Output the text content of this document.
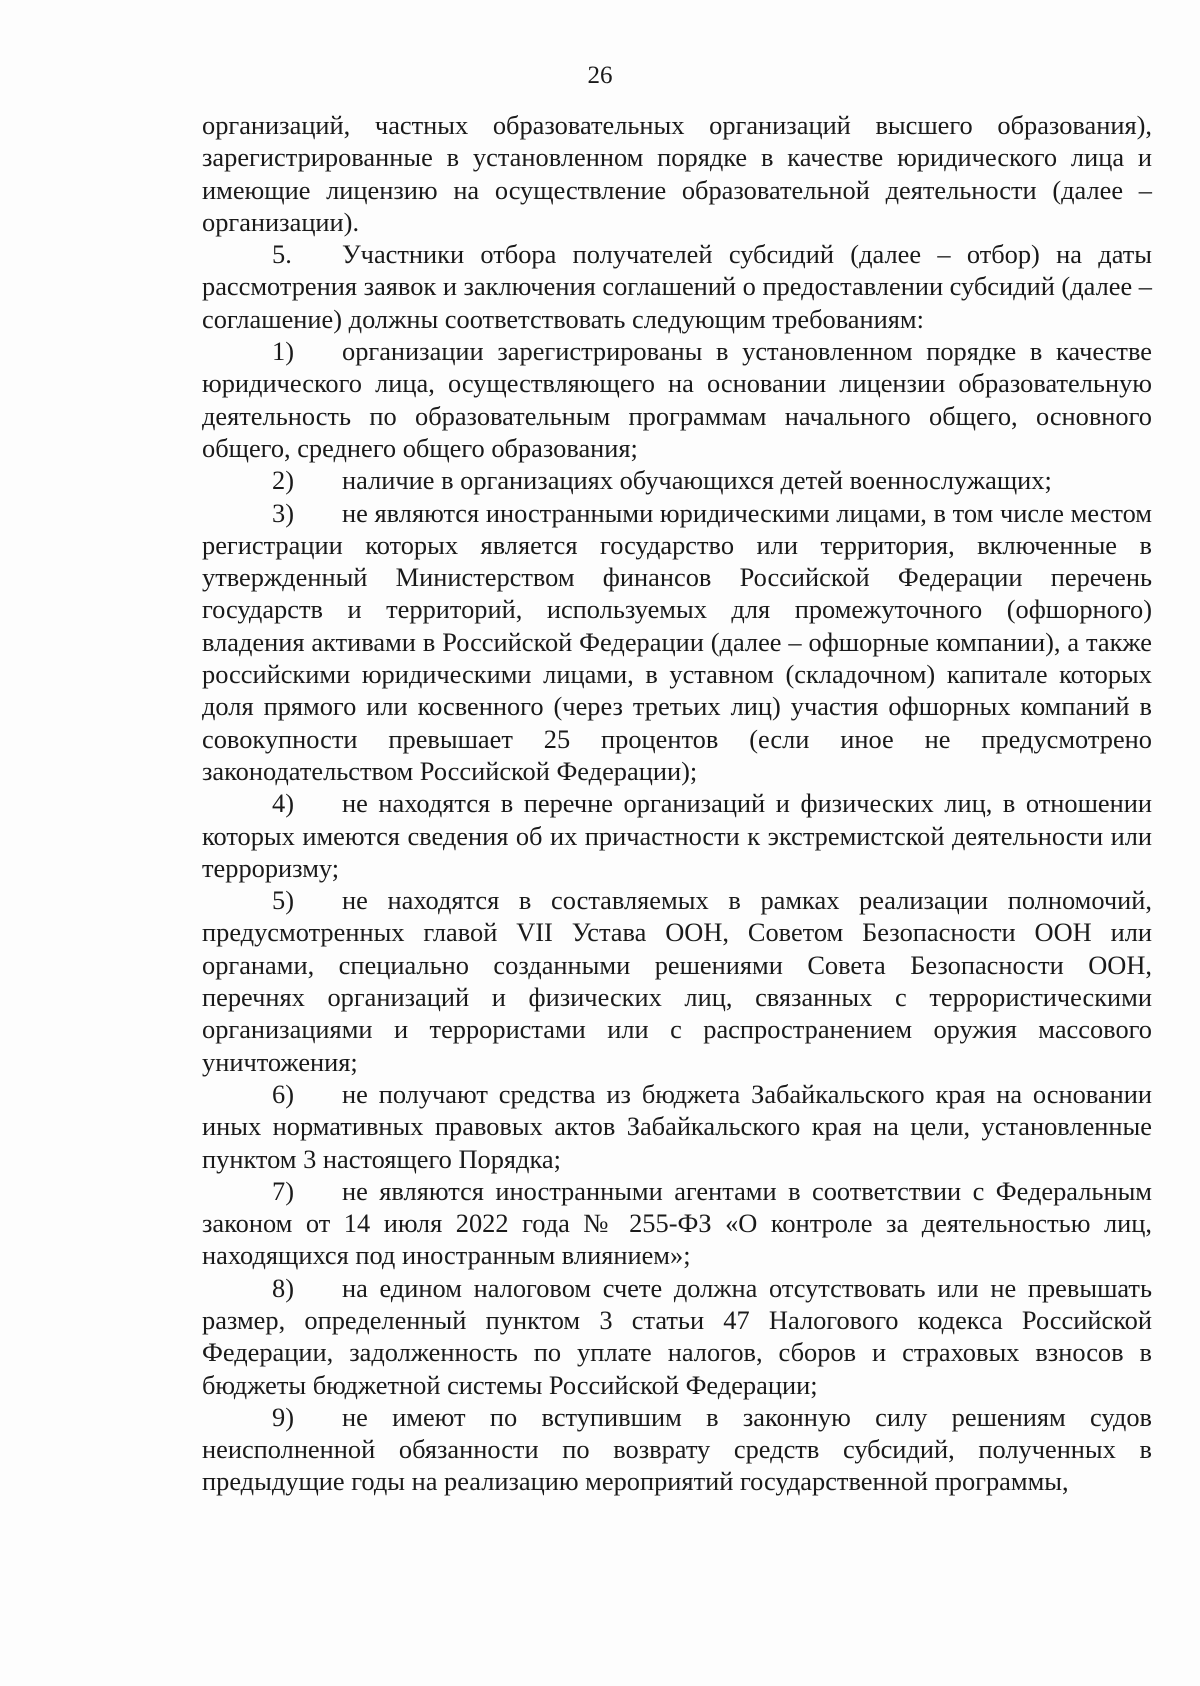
26

организаций, частных образовательных организаций высшего образования), зарегистрированные в установленном порядке в качестве юридического лица и имеющие лицензию на осуществление образовательной деятельности (далее – организации).

5. Участники отбора получателей субсидий (далее – отбор) на даты рассмотрения заявок и заключения соглашений о предоставлении субсидий (далее – соглашение) должны соответствовать следующим требованиям:

1) организации зарегистрированы в установленном порядке в качестве юридического лица, осуществляющего на основании лицензии образовательную деятельность по образовательным программам начального общего, основного общего, среднего общего образования;

2) наличие в организациях обучающихся детей военнослужащих;

3) не являются иностранными юридическими лицами, в том числе местом регистрации которых является государство или территория, включенные в утвержденный Министерством финансов Российской Федерации перечень государств и территорий, используемых для промежуточного (офшорного) владения активами в Российской Федерации (далее – офшорные компании), а также российскими юридическими лицами, в уставном (складочном) капитале которых доля прямого или косвенного (через третьих лиц) участия офшорных компаний в совокупности превышает 25 процентов (если иное не предусмотрено законодательством Российской Федерации);

4) не находятся в перечне организаций и физических лиц, в отношении которых имеются сведения об их причастности к экстремистской деятельности или терроризму;

5) не находятся в составляемых в рамках реализации полномочий, предусмотренных главой VII Устава ООН, Советом Безопасности ООН или органами, специально созданными решениями Совета Безопасности ООН, перечнях организаций и физических лиц, связанных с террористическими организациями и террористами или с распространением оружия массового уничтожения;

6) не получают средства из бюджета Забайкальского края на основании иных нормативных правовых актов Забайкальского края на цели, установленные пунктом 3 настоящего Порядка;

7) не являются иностранными агентами в соответствии с Федеральным законом от 14 июля 2022 года № 255-ФЗ «О контроле за деятельностью лиц, находящихся под иностранным влиянием»;

8) на едином налоговом счете должна отсутствовать или не превышать размер, определенный пунктом 3 статьи 47 Налогового кодекса Российской Федерации, задолженность по уплате налогов, сборов и страховых взносов в бюджеты бюджетной системы Российской Федерации;

9) не имеют по вступившим в законную силу решениям судов неисполненной обязанности по возврату средств субсидий, полученных в предыдущие годы на реализацию мероприятий государственной программы,
